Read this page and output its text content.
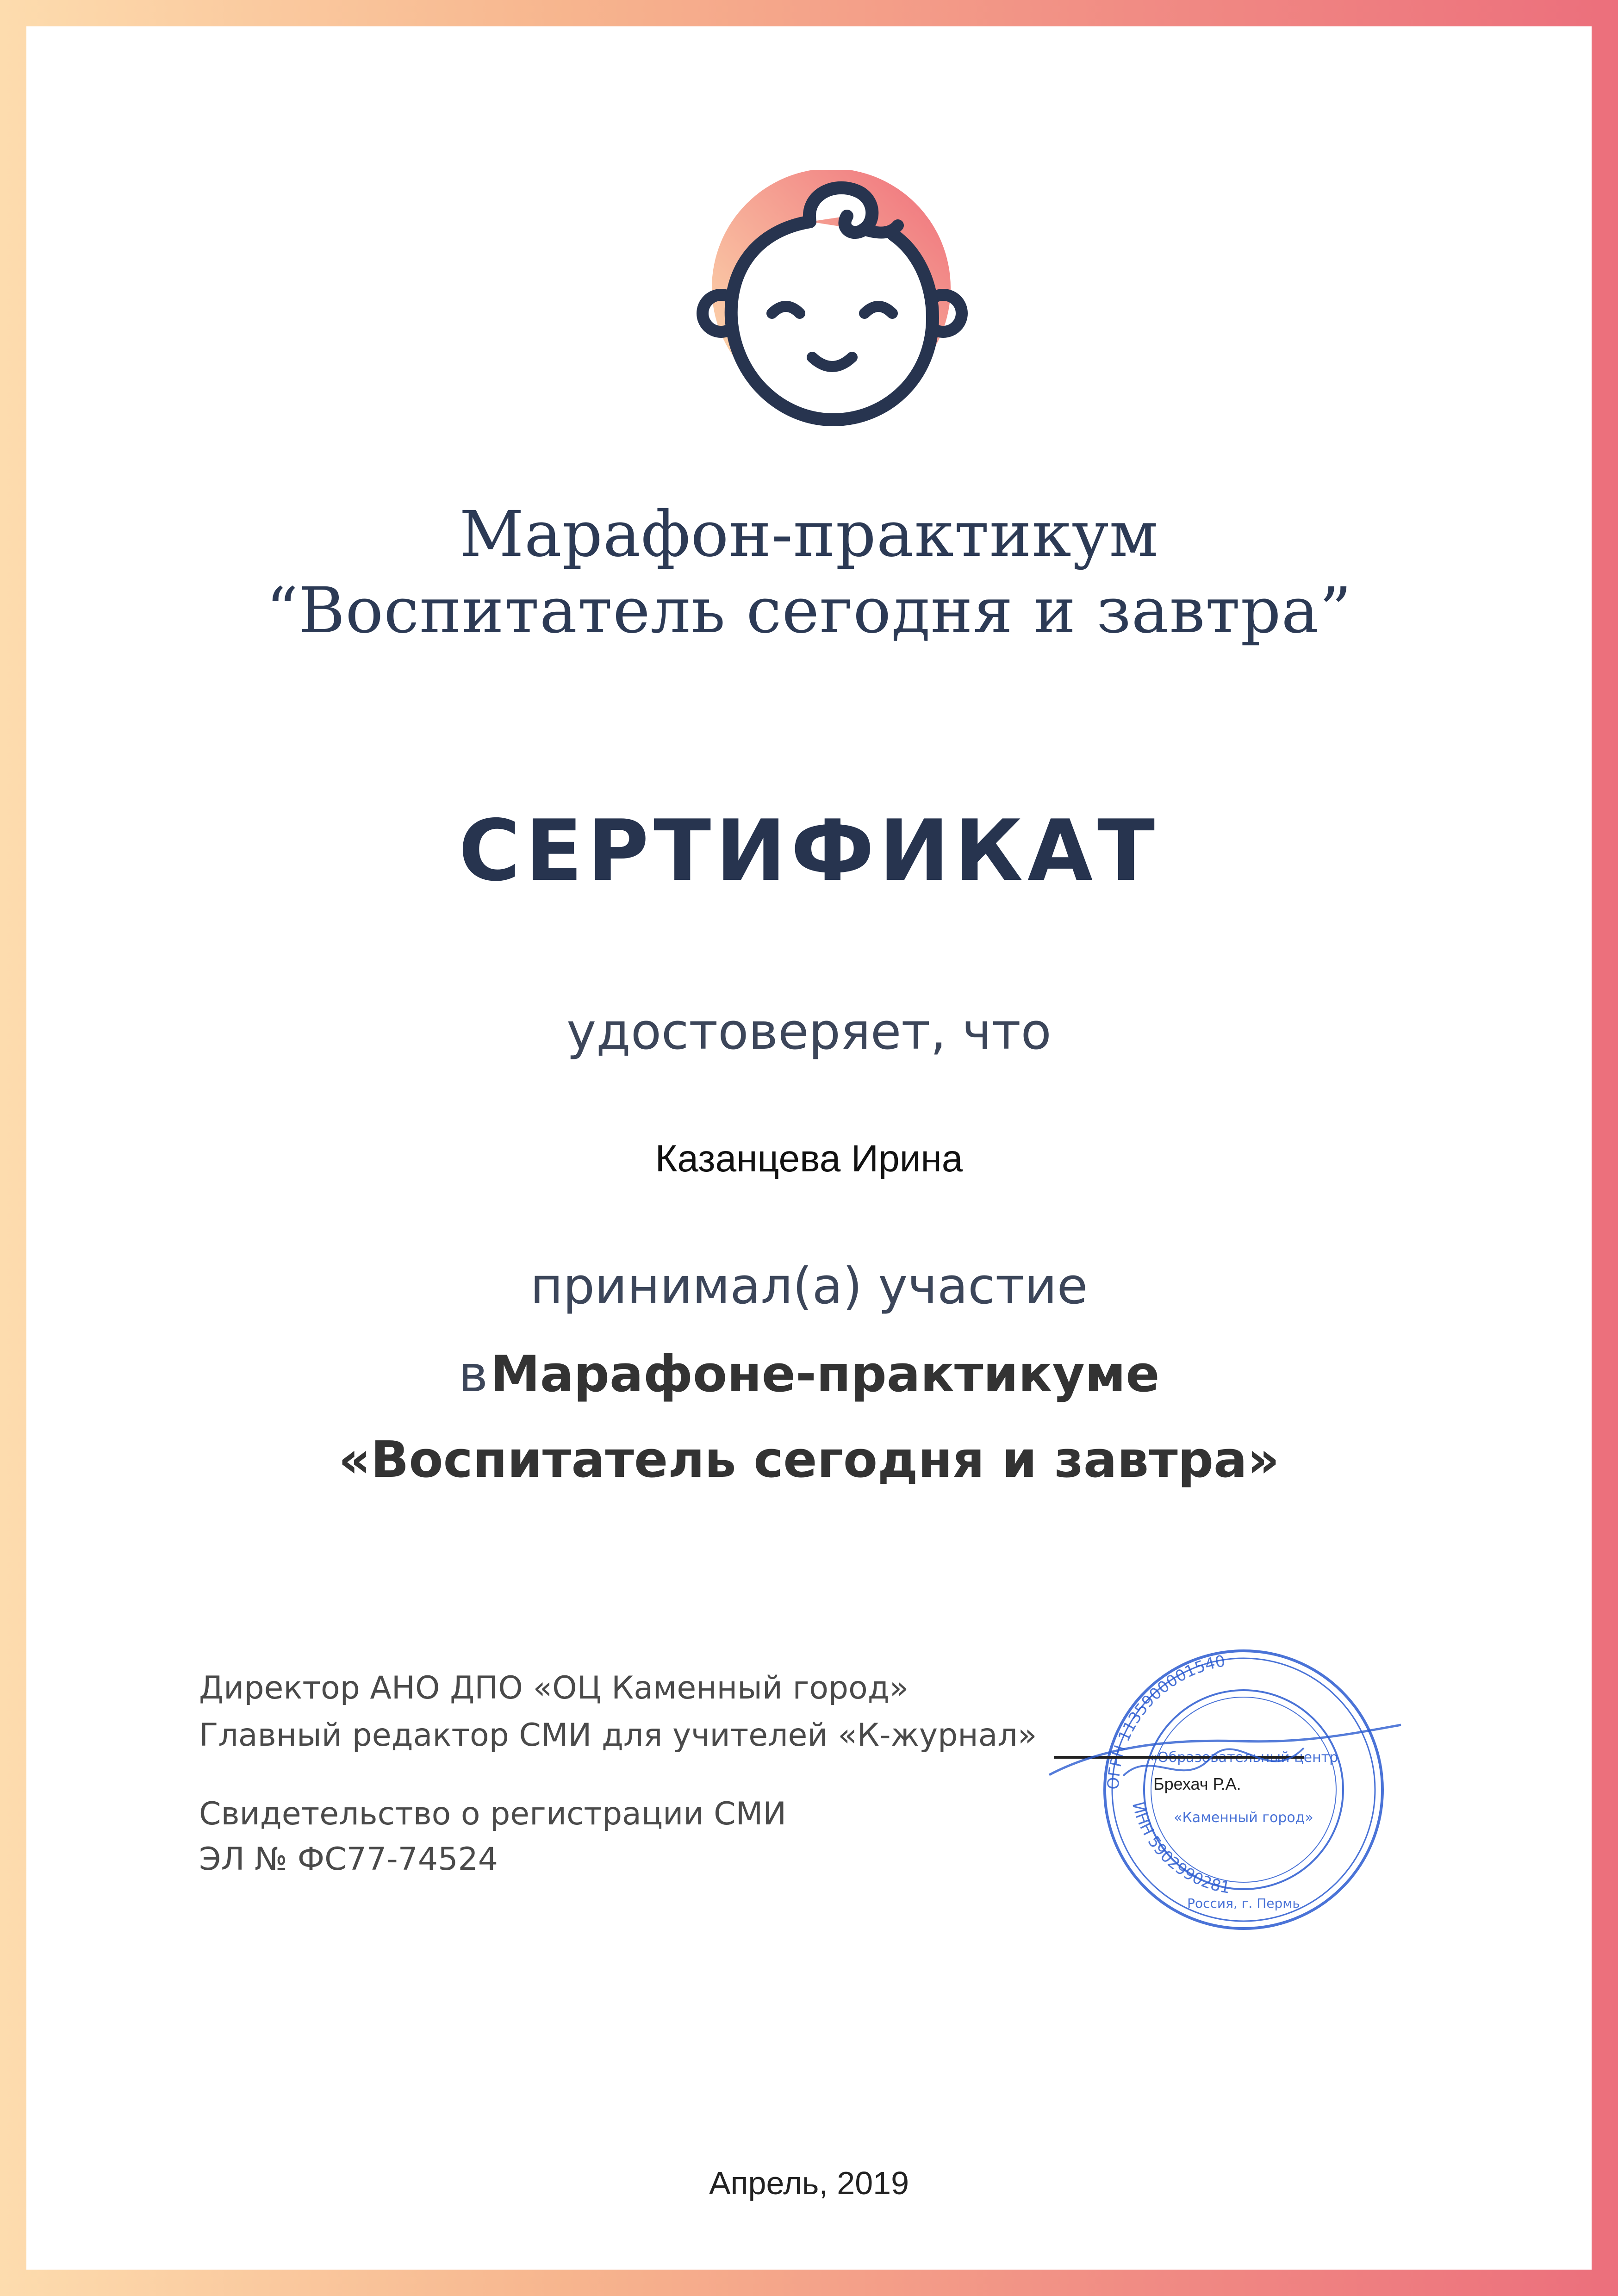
Марафон-практикум
“Воспитатель сегодня и завтра”
СЕРТИФИКАТ
удостоверяет, что
Казанцева Ирина
принимал(а) участие
в Марафоне-практикуме
«Воспитатель сегодня и завтра»
Директор АНО ДПО «ОЦ Каменный город»
Главный редактор СМИ для учителей «К-журнал»
Свидетельство о регистрации СМИ
ЭЛ № ФС77-74524
ОГРН 1135900001540
ИНН 5902990281
«Образовательный центр
«Каменный город»
Россия, г. Пермь
Брехач Р.А.
Апрель, 2019
